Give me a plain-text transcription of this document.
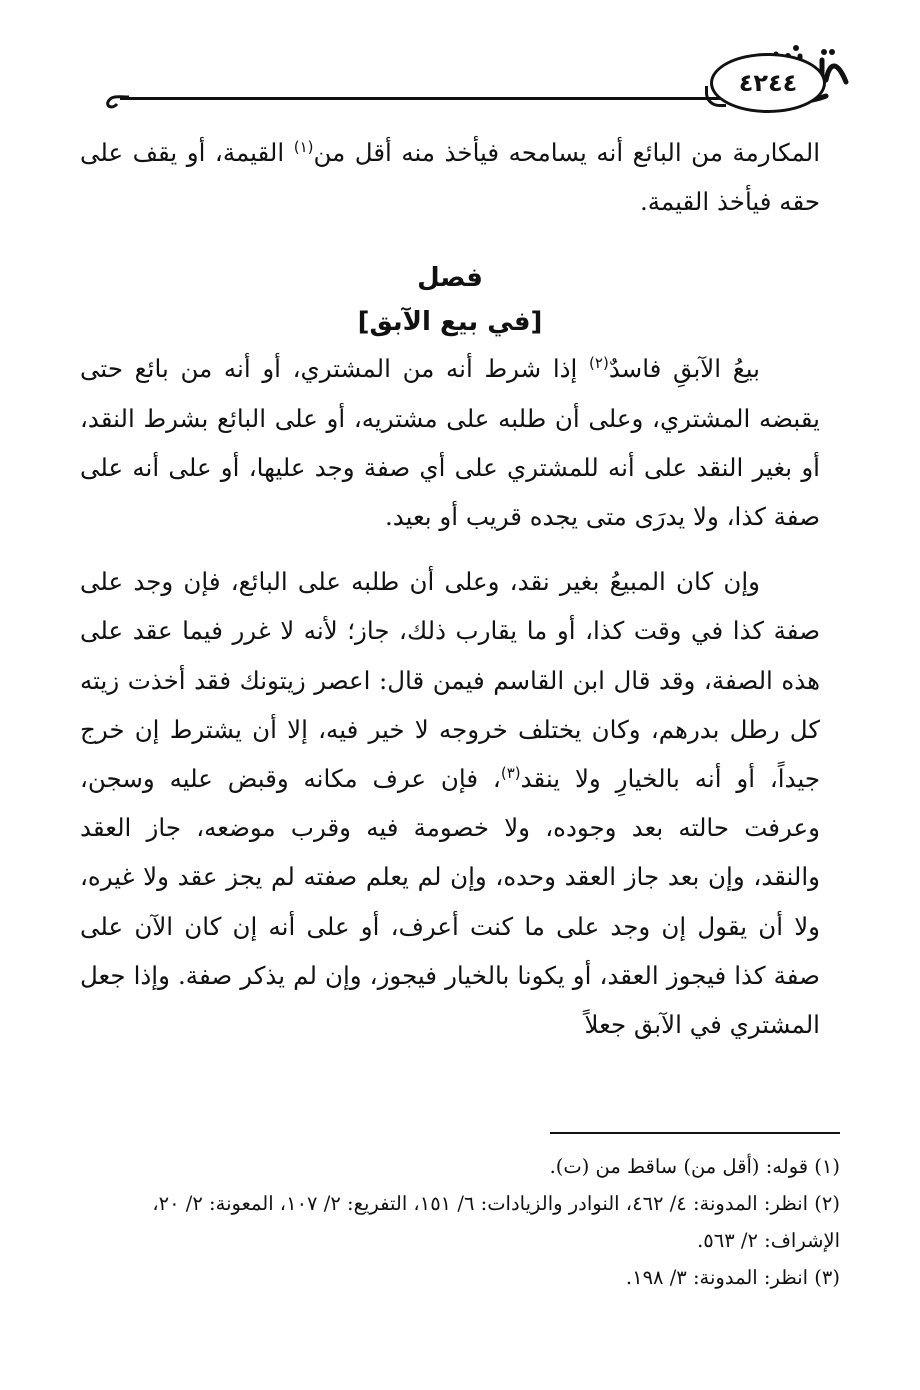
٤٢٤٤

المكارمة من البائع أنه يسامحه فيأخذ منه أقل من$^{(١)}$ القيمة، أو يقف على حقه فيأخذ القيمة.

فصل

[في بيع الآبق]

بيعُ الآبقِ فاسدٌ$^{(٢)}$ إذا شرط أنه من المشتري، أو أنه من بائع حتى يقبضه المشتري، وعلى أن طلبه على مشتريه، أو على البائع بشرط النقد، أو بغير النقد على أنه للمشتري على أي صفة وجد عليها، أو على أنه على صفة كذا، ولا يدرَى متى يجده قريب أو بعيد.

وإن كان المبيعُ بغير نقد، وعلى أن طلبه على البائع، فإن وجد على صفة كذا في وقت كذا، أو ما يقارب ذلك، جاز؛ لأنه لا غرر فيما عقد على هذه الصفة، وقد قال ابن القاسم فيمن قال: اعصر زيتونك فقد أخذت زيته كل رطل بدرهم، وكان يختلف خروجه لا خير فيه، إلا أن يشترط إن خرج جيداً، أو أنه بالخيارِ ولا ينقد$^{(٣)}$، فإن عرف مكانه وقبض عليه وسجن، وعرفت حالته بعد وجوده، ولا خصومة فيه وقرب موضعه، جاز العقد والنقد، وإن بعد جاز العقد وحده، وإن لم يعلم صفته لم يجز عقد ولا غيره، ولا أن يقول إن وجد على ما كنت أعرف، أو على أنه إن كان الآن على صفة كذا فيجوز العقد، أو يكونا بالخيار فيجوز، وإن لم يذكر صفة. وإذا جعل المشتري في الآبق جعلاً

(١) قوله: (أقل من) ساقط من (ت).

(٢) انظر: المدونة: ٤/ ٤٦٢، النوادر والزيادات: ٦/ ١٥١، التفريع: ٢/ ١٠٧، المعونة: ٢/ ٢٠، الإشراف: ٢/ ٥٦٣.

(٣) انظر: المدونة: ٣/ ١٩٨.
